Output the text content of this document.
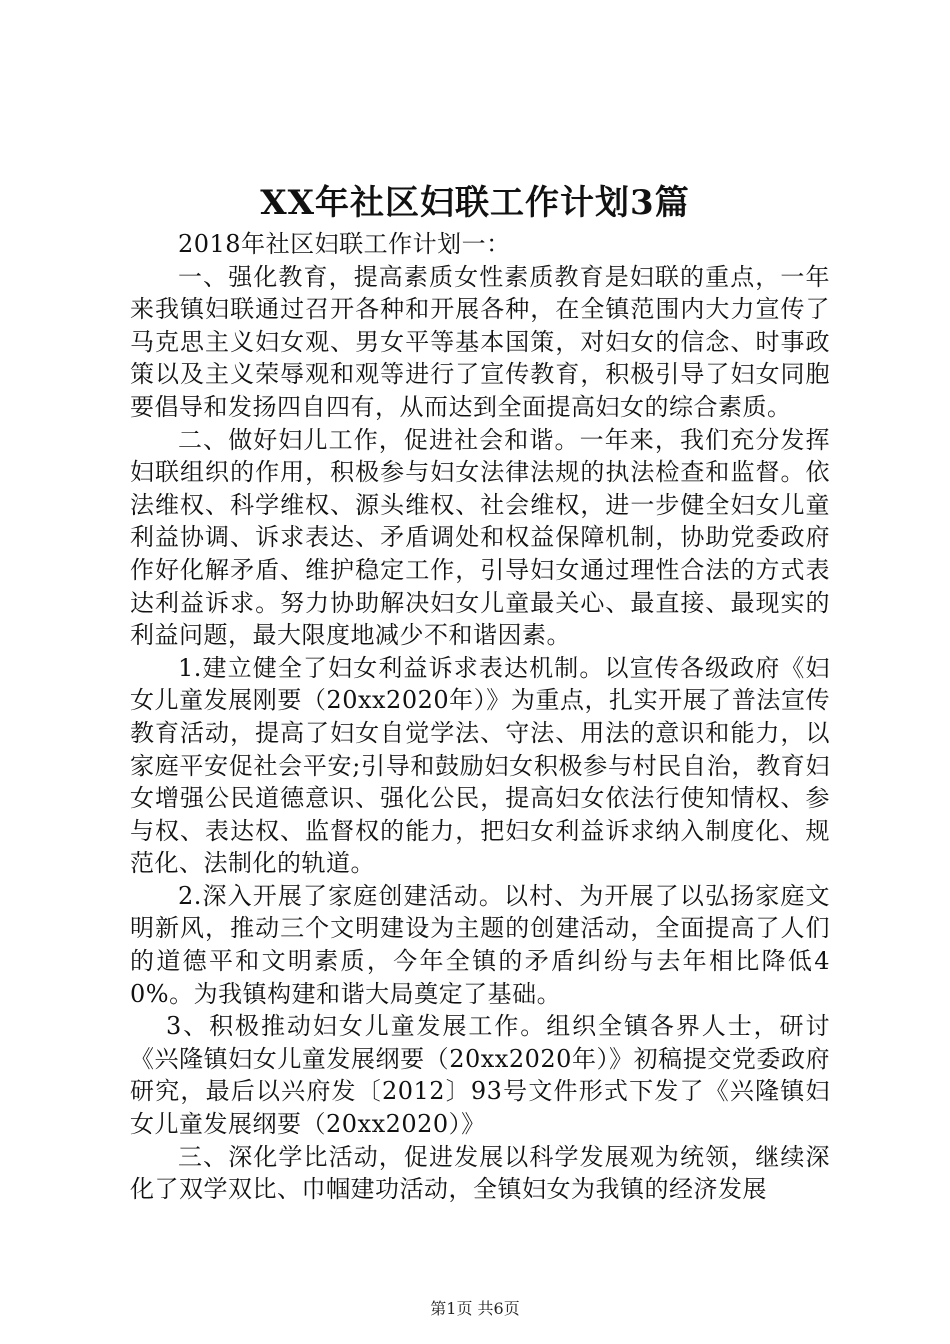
XX年社区妇联工作计划3篇

2018年社区妇联工作计划一：

一、强化教育，提高素质女性素质教育是妇联的重点，一年来我镇妇联通过召开各种和开展各种，在全镇范围内大力宣传了马克思主义妇女观、男女平等基本国策，对妇女的信念、时事政策以及主义荣辱观和观等进行了宣传教育，积极引导了妇女同胞要倡导和发扬四自四有，从而达到全面提高妇女的综合素质。

二、做好妇儿工作，促进社会和谐。一年来，我们充分发挥妇联组织的作用，积极参与妇女法律法规的执法检查和监督。依法维权、科学维权、源头维权、社会维权，进一步健全妇女儿童利益协调、诉求表达、矛盾调处和权益保障机制，协助党委政府作好化解矛盾、维护稳定工作，引导妇女通过理性合法的方式表达利益诉求。努力协助解决妇女儿童最关心、最直接、最现实的利益问题，最大限度地减少不和谐因素。

1.建立健全了妇女利益诉求表达机制。以宣传各级政府《妇女儿童发展刚要（20xx2020年）》为重点，扎实开展了普法宣传教育活动，提高了妇女自觉学法、守法、用法的意识和能力，以家庭平安促社会平安;引导和鼓励妇女积极参与村民自治，教育妇女增强公民道德意识、强化公民，提高妇女依法行使知情权、参与权、表达权、监督权的能力，把妇女利益诉求纳入制度化、规范化、法制化的轨道。

2.深入开展了家庭创建活动。以村、为开展了以弘扬家庭文明新风，推动三个文明建设为主题的创建活动，全面提高了人们的道德平和文明素质，今年全镇的矛盾纠纷与去年相比降低40%。为我镇构建和谐大局奠定了基础。

3、积极推动妇女儿童发展工作。组织全镇各界人士，研讨《兴隆镇妇女儿童发展纲要（20xx2020年）》初稿提交党委政府研究，最后以兴府发〔2012〕93号文件形式下发了《兴隆镇妇女儿童发展纲要（20xx2020）》

三、深化学比活动，促进发展以科学发展观为统领，继续深化了双学双比、巾帼建功活动，全镇妇女为我镇的经济发展

第1页 共6页
